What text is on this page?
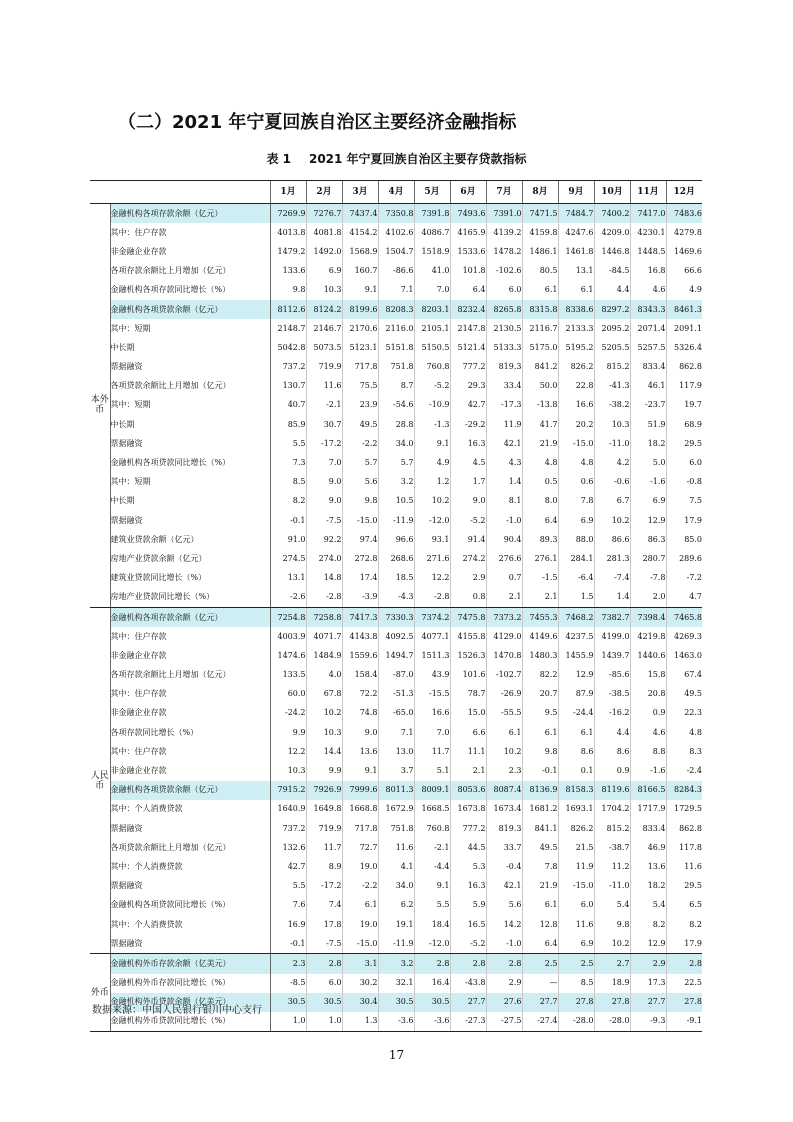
（二）2021 年宁夏回族自治区主要经济金融指标
表 1 2021 年宁夏回族自治区主要存贷款指标
		1月	2月	3月	4月	5月	6月	7月	8月	9月	10月	11月	12月
本外币	金融机构各项存款余额（亿元）	7269.9	7276.7	7437.4	7350.8	7391.8	7493.6	7391.0	7471.5	7484.7	7400.2	7417.0	7483.6
	其中：住户存款	4013.8	4081.8	4154.2	4102.6	4086.7	4165.9	4139.2	4159.8	4247.6	4209.0	4230.1	4279.8
	非金融企业存款	1479.2	1492.0	1568.9	1504.7	1518.9	1533.6	1478.2	1486.1	1461.8	1446.8	1448.5	1469.6
	各项存款余额比上月增加（亿元）	133.6	6.9	160.7	-86.6	41.0	101.8	-102.6	80.5	13.1	-84.5	16.8	66.6
	金融机构各项存款同比增长（%）	9.8	10.3	9.1	7.1	7.0	6.4	6.0	6.1	6.1	4.4	4.6	4.9
	金融机构各项贷款余额（亿元）	8112.6	8124.2	8199.6	8208.3	8203.1	8232.4	8265.8	8315.8	8338.6	8297.2	8343.3	8461.3
	其中：短期	2148.7	2146.7	2170.6	2116.0	2105.1	2147.8	2130.5	2116.7	2133.3	2095.2	2071.4	2091.1
	中长期	5042.8	5073.5	5123.1	5151.8	5150.5	5121.4	5133.3	5175.0	5195.2	5205.5	5257.5	5326.4
	票据融资	737.2	719.9	717.8	751.8	760.8	777.2	819.3	841.2	826.2	815.2	833.4	862.8
	各项贷款余额比上月增加（亿元）	130.7	11.6	75.5	8.7	-5.2	29.3	33.4	50.0	22.8	-41.3	46.1	117.9
	其中：短期	40.7	-2.1	23.9	-54.6	-10.9	42.7	-17.3	-13.8	16.6	-38.2	-23.7	19.7
	中长期	85.9	30.7	49.5	28.8	-1.3	-29.2	11.9	41.7	20.2	10.3	51.9	68.9
	票据融资	5.5	-17.2	-2.2	34.0	9.1	16.3	42.1	21.9	-15.0	-11.0	18.2	29.5
	金融机构各项贷款同比增长（%）	7.3	7.0	5.7	5.7	4.9	4.5	4.3	4.8	4.8	4.2	5.0	6.0
	其中：短期	8.5	9.0	5.6	3.2	1.2	1.7	1.4	0.5	0.6	-0.6	-1.6	-0.8
	中长期	8.2	9.0	9.8	10.5	10.2	9.0	8.1	8.0	7.8	6.7	6.9	7.5
	票据融资	-0.1	-7.5	-15.0	-11.9	-12.0	-5.2	-1.0	6.4	6.9	10.2	12.9	17.9
	建筑业贷款余额（亿元）	91.0	92.2	97.4	96.6	93.1	91.4	90.4	89.3	88.0	86.6	86.3	85.0
	房地产业贷款余额（亿元）	274.5	274.0	272.8	268.6	271.6	274.2	276.6	276.1	284.1	281.3	280.7	289.6
	建筑业贷款同比增长（%）	13.1	14.8	17.4	18.5	12.2	2.9	0.7	-1.5	-6.4	-7.4	-7.8	-7.2
	房地产业贷款同比增长（%）	-2.6	-2.8	-3.9	-4.3	-2.8	0.8	2.1	2.1	1.5	1.4	2.0	4.7
人民币	金融机构各项存款余额（亿元）	7254.8	7258.8	7417.3	7330.3	7374.2	7475.8	7373.2	7455.3	7468.2	7382.7	7398.4	7465.8
	其中：住户存款	4003.9	4071.7	4143.8	4092.5	4077.1	4155.8	4129.0	4149.6	4237.5	4199.0	4219.8	4269.3
	非金融企业存款	1474.6	1484.9	1559.6	1494.7	1511.3	1526.3	1470.8	1480.3	1455.9	1439.7	1440.6	1463.0
	各项存款余额比上月增加（亿元）	133.5	4.0	158.4	-87.0	43.9	101.6	-102.7	82.2	12.9	-85.6	15.8	67.4
	其中：住户存款	60.0	67.8	72.2	-51.3	-15.5	78.7	-26.9	20.7	87.9	-38.5	20.8	49.5
	非金融企业存款	-24.2	10.2	74.8	-65.0	16.6	15.0	-55.5	9.5	-24.4	-16.2	0.9	22.3
	各项存款同比增长（%）	9.9	10.3	9.0	7.1	7.0	6.6	6.1	6.1	6.1	4.4	4.6	4.8
	其中：住户存款	12.2	14.4	13.6	13.0	11.7	11.1	10.2	9.8	8.6	8.6	8.8	8.3
	非金融企业存款	10.3	9.9	9.1	3.7	5.1	2.1	2.3	-0.1	0.1	0.9	-1.6	-2.4
	金融机构各项贷款余额（亿元）	7915.2	7926.9	7999.6	8011.3	8009.1	8053.6	8087.4	8136.9	8158.3	8119.6	8166.5	8284.3
	其中：个人消费贷款	1640.9	1649.8	1668.8	1672.9	1668.5	1673.8	1673.4	1681.2	1693.1	1704.2	1717.9	1729.5
	票据融资	737.2	719.9	717.8	751.8	760.8	777.2	819.3	841.1	826.2	815.2	833.4	862.8
	各项贷款余额比上月增加（亿元）	132.6	11.7	72.7	11.6	-2.1	44.5	33.7	49.5	21.5	-38.7	46.9	117.8
	其中：个人消费贷款	42.7	8.9	19.0	4.1	-4.4	5.3	-0.4	7.8	11.9	11.2	13.6	11.6
	票据融资	5.5	-17.2	-2.2	34.0	9.1	16.3	42.1	21.9	-15.0	-11.0	18.2	29.5
	金融机构各项贷款同比增长（%）	7.6	7.4	6.1	6.2	5.5	5.9	5.6	6.1	6.0	5.4	5.4	6.5
	其中：个人消费贷款	16.9	17.8	19.0	19.1	18.4	16.5	14.2	12.8	11.6	9.8	8.2	8.2
	票据融资	-0.1	-7.5	-15.0	-11.9	-12.0	-5.2	-1.0	6.4	6.9	10.2	12.9	17.9
外币	金融机构外币存款余额（亿美元）	2.3	2.8	3.1	3.2	2.8	2.8	2.8	2.5	2.5	2.7	2.9	2.8
	金融机构外币存款同比增长（%）	-8.5	6.0	30.2	32.1	16.4	-43.8	2.9	—	8.5	18.9	17.3	22.5
	金融机构外币贷款余额（亿美元）	30.5	30.5	30.4	30.5	30.5	27.7	27.6	27.7	27.8	27.8	27.7	27.8
	金融机构外币贷款同比增长（%）	1.0	1.0	1.3	-3.6	-3.6	-27.3	-27.5	-27.4	-28.0	-28.0	-9.3	-9.1
数据来源：中国人民银行银川中心支行
17
